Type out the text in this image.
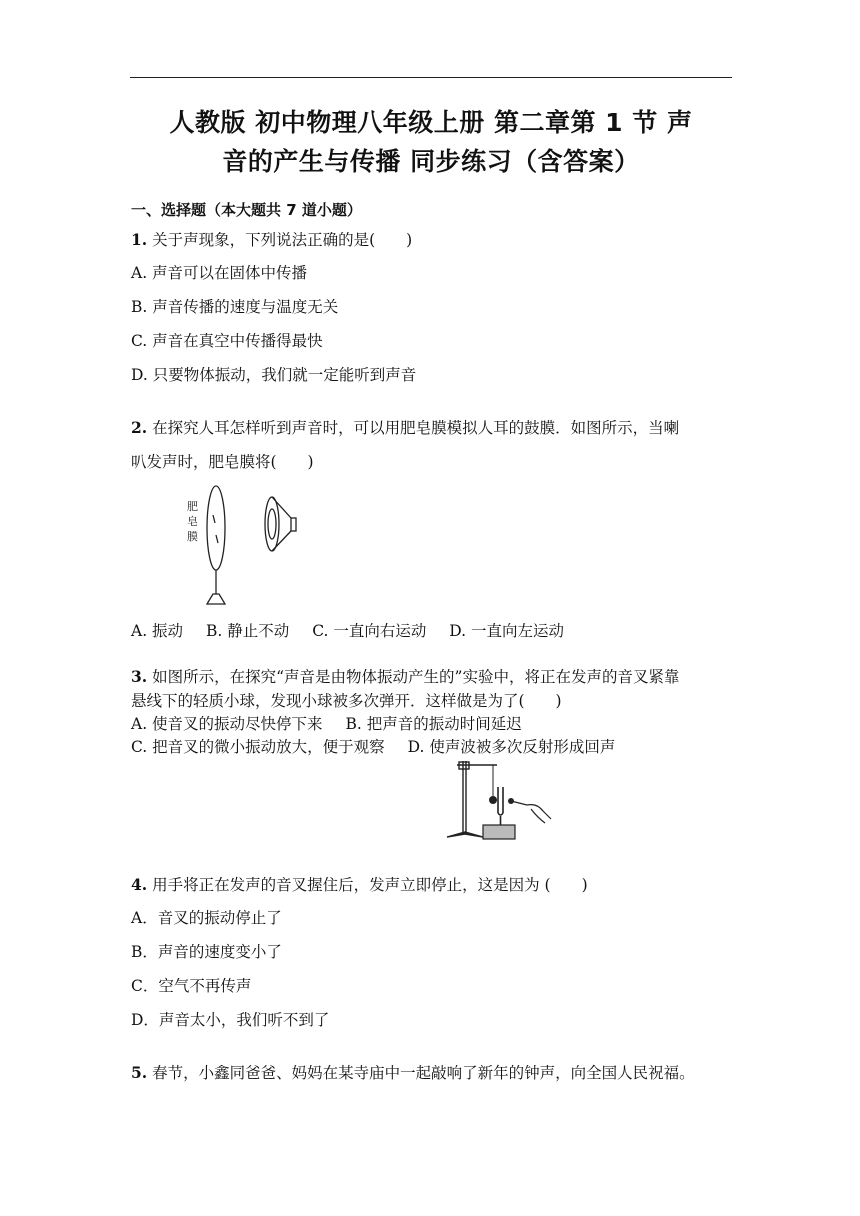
人教版 初中物理八年级上册 第二章第 1 节 声
音的产生与传播 同步练习（含答案）
一、选择题（本大题共 7 道小题）
1. 关于声现象，下列说法正确的是(　　)
A. 声音可以在固体中传播
B. 声音传播的速度与温度无关
C. 声音在真空中传播得最快
D. 只要物体振动，我们就一定能听到声音
2. 在探究人耳怎样听到声音时，可以用肥皂膜模拟人耳的鼓膜．如图所示，当喇
叭发声时，肥皂膜将(　　)
肥
皂
膜
A. 振动 B. 静止不动 C. 一直向右运动 D. 一直向左运动
3. 如图所示，在探究“声音是由物体振动产生的”实验中，将正在发声的音叉紧靠
悬线下的轻质小球，发现小球被多次弹开．这样做是为了(　　)
A. 使音叉的振动尽快停下来 B. 把声音的振动时间延迟
C. 把音叉的微小振动放大，便于观察 D. 使声波被多次反射形成回声
4. 用手将正在发声的音叉握住后，发声立即停止，这是因为 (　　)
A．音叉的振动停止了
B．声音的速度变小了
C．空气不再传声
D．声音太小，我们听不到了
5. 春节，小鑫同爸爸、妈妈在某寺庙中一起敲响了新年的钟声，向全国人民祝福。
